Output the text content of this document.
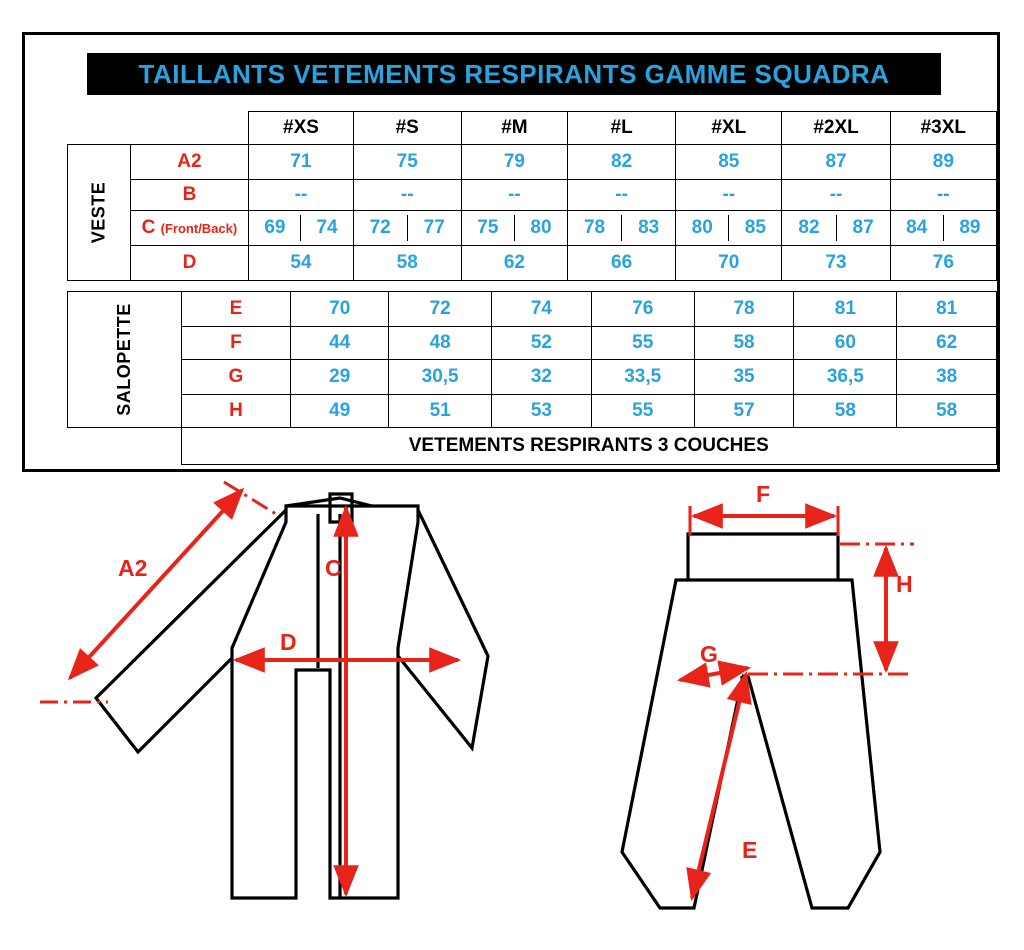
TAILLANTS VETEMENTS RESPIRANTS GAMME SQUADRA
		#XS	#S	#M	#L	#XL	#2XL	#3XL

VESTE	A2	71	75	79	82	85	87	89
	B	--	--	--	--	--	--	--
C (Front/Back)	69	74	72	77	75	80	78	83	80	85	82	87	84	89

	D	54	58	62	66	70	73	76
SALOPETTE	E	70	72	74	76	78	81	81
	F	44	48	52	55	58	60	62
	G	29	30,5	32	33,5	35	36,5	38
	H	49	51	53	55	57	58	58
	VETEMENTS RESPIRANTS 3 COUCHES							
A2	C
D
F
H
G
E
